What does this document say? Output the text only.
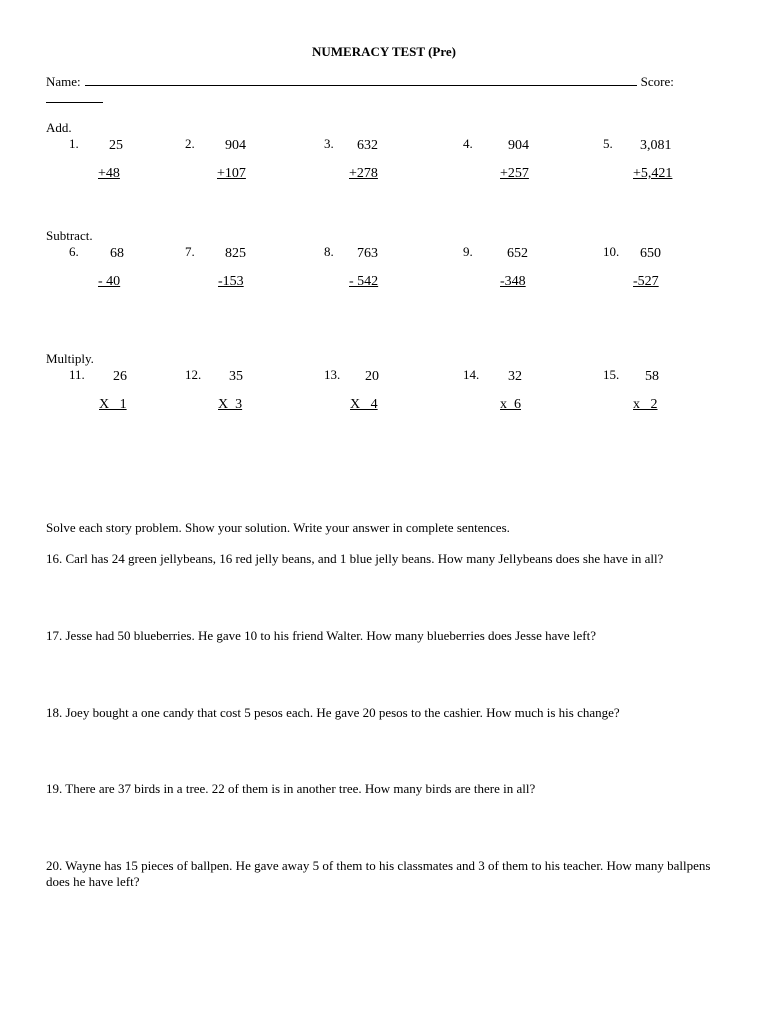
NUMERACY TEST (Pre)
Name:	Score:
Add.
1. 25
+48
2. 904
+107
3. 632
+278
4.	904
+257
5. 3,081
+5,421
Subtract.
6. 68
- 40
7. 825
-153
8. 763
- 542
9. 652
-348
10. 650
-527
Multiply.
11. 26
X   1
12. 35
X  3
13. 20
X   4
14. 32
x  6
15. 58
x   2
Solve each story problem. Show your solution. Write your answer in complete sentences.
16. Carl has 24 green jellybeans, 16 red jelly beans, and 1 blue jelly beans. How many Jellybeans does she have in all?
17. Jesse had 50 blueberries. He gave 10 to his friend Walter. How many blueberries does Jesse have left?
18. Joey bought a one candy that cost 5 pesos each. He gave 20 pesos to the cashier. How much is his change?
19. There are 37 birds in a tree. 22 of them is in another tree. How many birds are there in all?
20. Wayne has 15 pieces of ballpen. He gave away 5 of them to his classmates and 3 of them to his teacher. How many ballpens does he have left?
